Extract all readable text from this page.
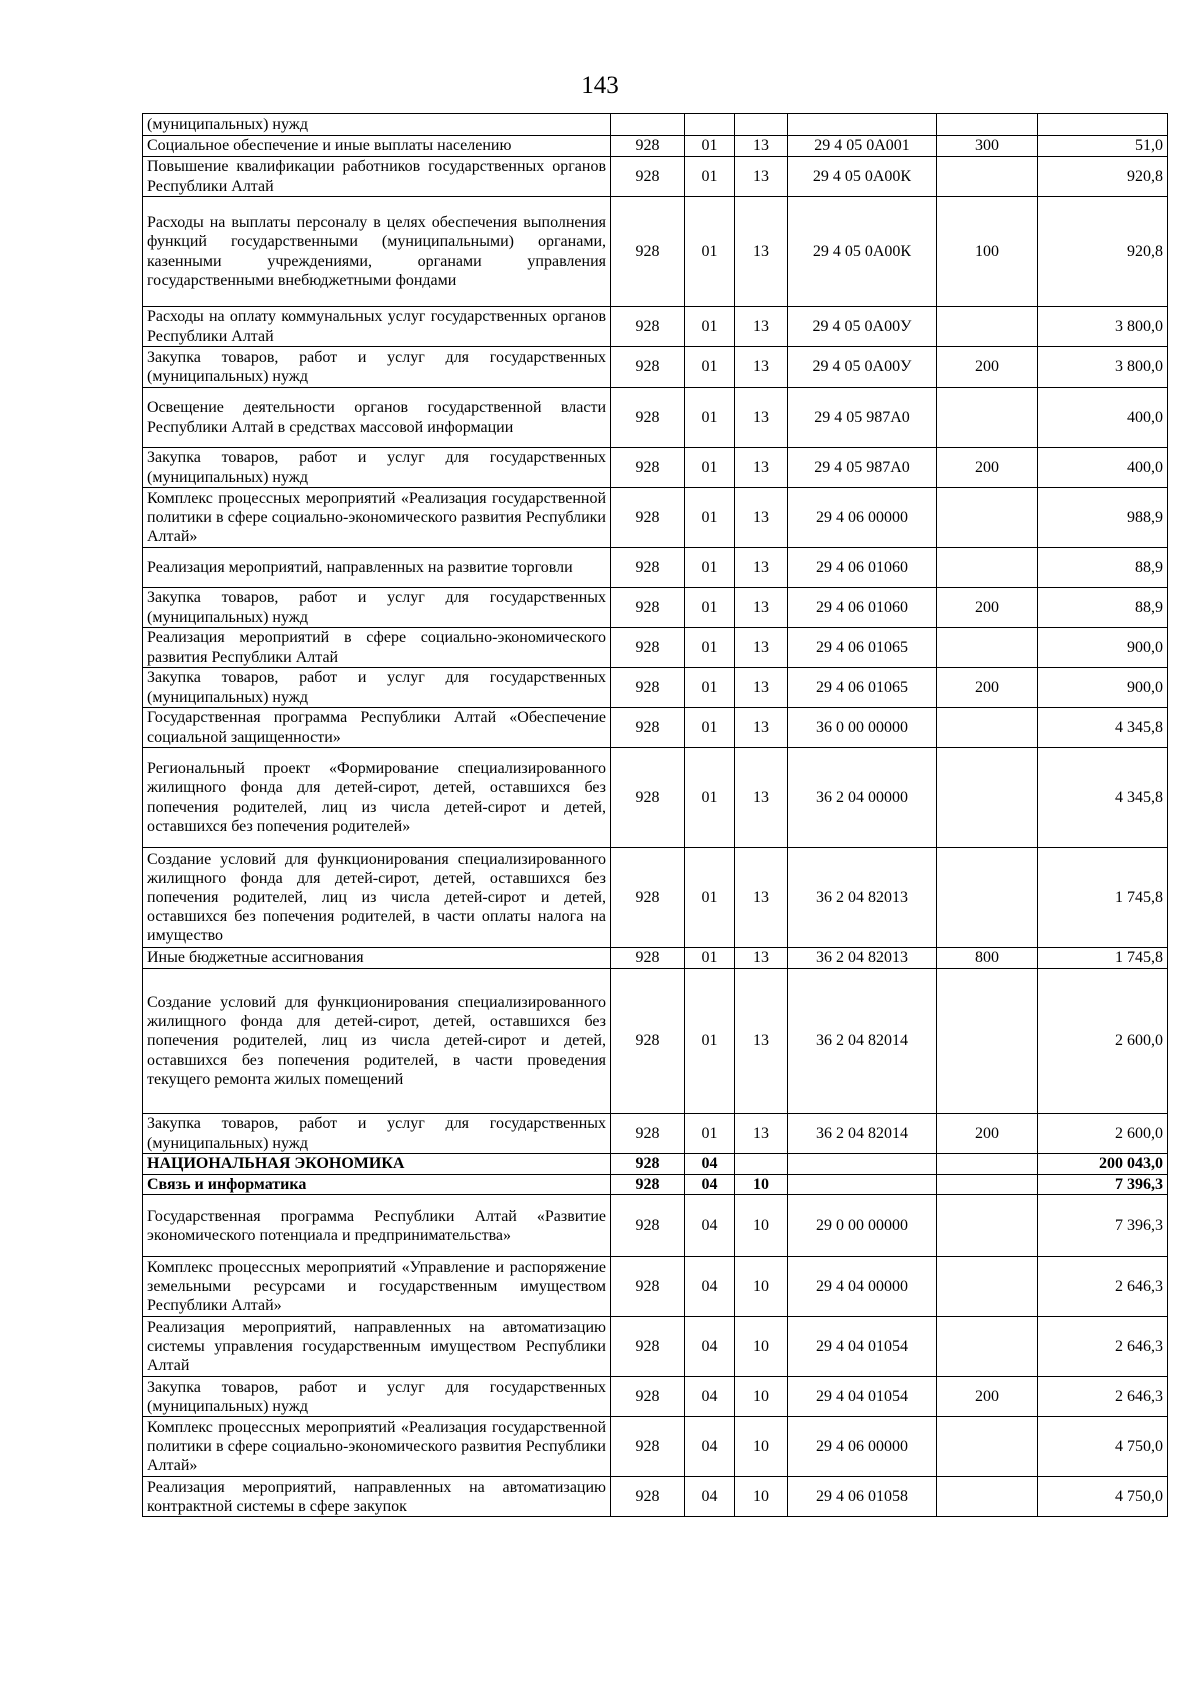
143
(муниципальных) нужд						
Социальное обеспечение и иные выплаты населению	928	01	13	29 4 05 0А001	300	51,0
Повышение квалификации работников государственных органов Республики Алтай	928	01	13	29 4 05 0А00К		920,8
Расходы на выплаты персоналу в целях обеспечения выполнения функций государственными (муниципальными) органами, казенными учреждениями, органами управления государственными внебюджетными фондами	928	01	13	29 4 05 0А00К	100	920,8
Расходы на оплату коммунальных услуг государственных органов Республики Алтай	928	01	13	29 4 05 0А00У		3 800,0
Закупка товаров, работ и услуг для государственных (муниципальных) нужд	928	01	13	29 4 05 0А00У	200	3 800,0
Освещение деятельности органов государственной власти Республики Алтай в средствах массовой информации	928	01	13	29 4 05 987А0		400,0
Закупка товаров, работ и услуг для государственных (муниципальных) нужд	928	01	13	29 4 05 987А0	200	400,0
Комплекс процессных мероприятий «Реализация государственной политики в сфере социально-экономического развития Республики Алтай»	928	01	13	29 4 06 00000		988,9
Реализация мероприятий, направленных на развитие торговли	928	01	13	29 4 06 01060		88,9
Закупка товаров, работ и услуг для государственных (муниципальных) нужд	928	01	13	29 4 06 01060	200	88,9
Реализация мероприятий в сфере социально-экономического развития Республики Алтай	928	01	13	29 4 06 01065		900,0
Закупка товаров, работ и услуг для государственных (муниципальных) нужд	928	01	13	29 4 06 01065	200	900,0
Государственная программа Республики Алтай «Обеспечение социальной защищенности»	928	01	13	36 0 00 00000		4 345,8
Региональный проект «Формирование специализированного жилищного фонда для детей-сирот, детей, оставшихся без попечения родителей, лиц из числа детей-сирот и детей, оставшихся без попечения родителей»	928	01	13	36 2 04 00000		4 345,8
Создание условий для функционирования специализированного жилищного фонда для детей-сирот, детей, оставшихся без попечения родителей, лиц из числа детей-сирот и детей, оставшихся без попечения родителей, в части оплаты налога на имущество	928	01	13	36 2 04 82013		1 745,8
Иные бюджетные ассигнования	928	01	13	36 2 04 82013	800	1 745,8
Создание условий для функционирования специализированного жилищного фонда для детей-сирот, детей, оставшихся без попечения родителей, лиц из числа детей-сирот и детей, оставшихся без попечения родителей, в части проведения текущего ремонта жилых помещений	928	01	13	36 2 04 82014		2 600,0
Закупка товаров, работ и услуг для государственных (муниципальных) нужд	928	01	13	36 2 04 82014	200	2 600,0
НАЦИОНАЛЬНАЯ ЭКОНОМИКА	928	04				200 043,0
Связь и информатика	928	04	10			7 396,3
Государственная программа Республики Алтай «Развитие экономического потенциала и предпринимательства»	928	04	10	29 0 00 00000		7 396,3
Комплекс процессных мероприятий «Управление и распоряжение земельными ресурсами и государственным имуществом Республики Алтай»	928	04	10	29 4 04 00000		2 646,3
Реализация мероприятий, направленных на автоматизацию системы управления государственным имуществом Республики Алтай	928	04	10	29 4 04 01054		2 646,3
Закупка товаров, работ и услуг для государственных (муниципальных) нужд	928	04	10	29 4 04 01054	200	2 646,3
Комплекс процессных мероприятий «Реализация государственной политики в сфере социально-экономического развития Республики Алтай»	928	04	10	29 4 06 00000		4 750,0
Реализация мероприятий, направленных на автоматизацию контрактной системы в сфере закупок	928	04	10	29 4 06 01058		4 750,0
